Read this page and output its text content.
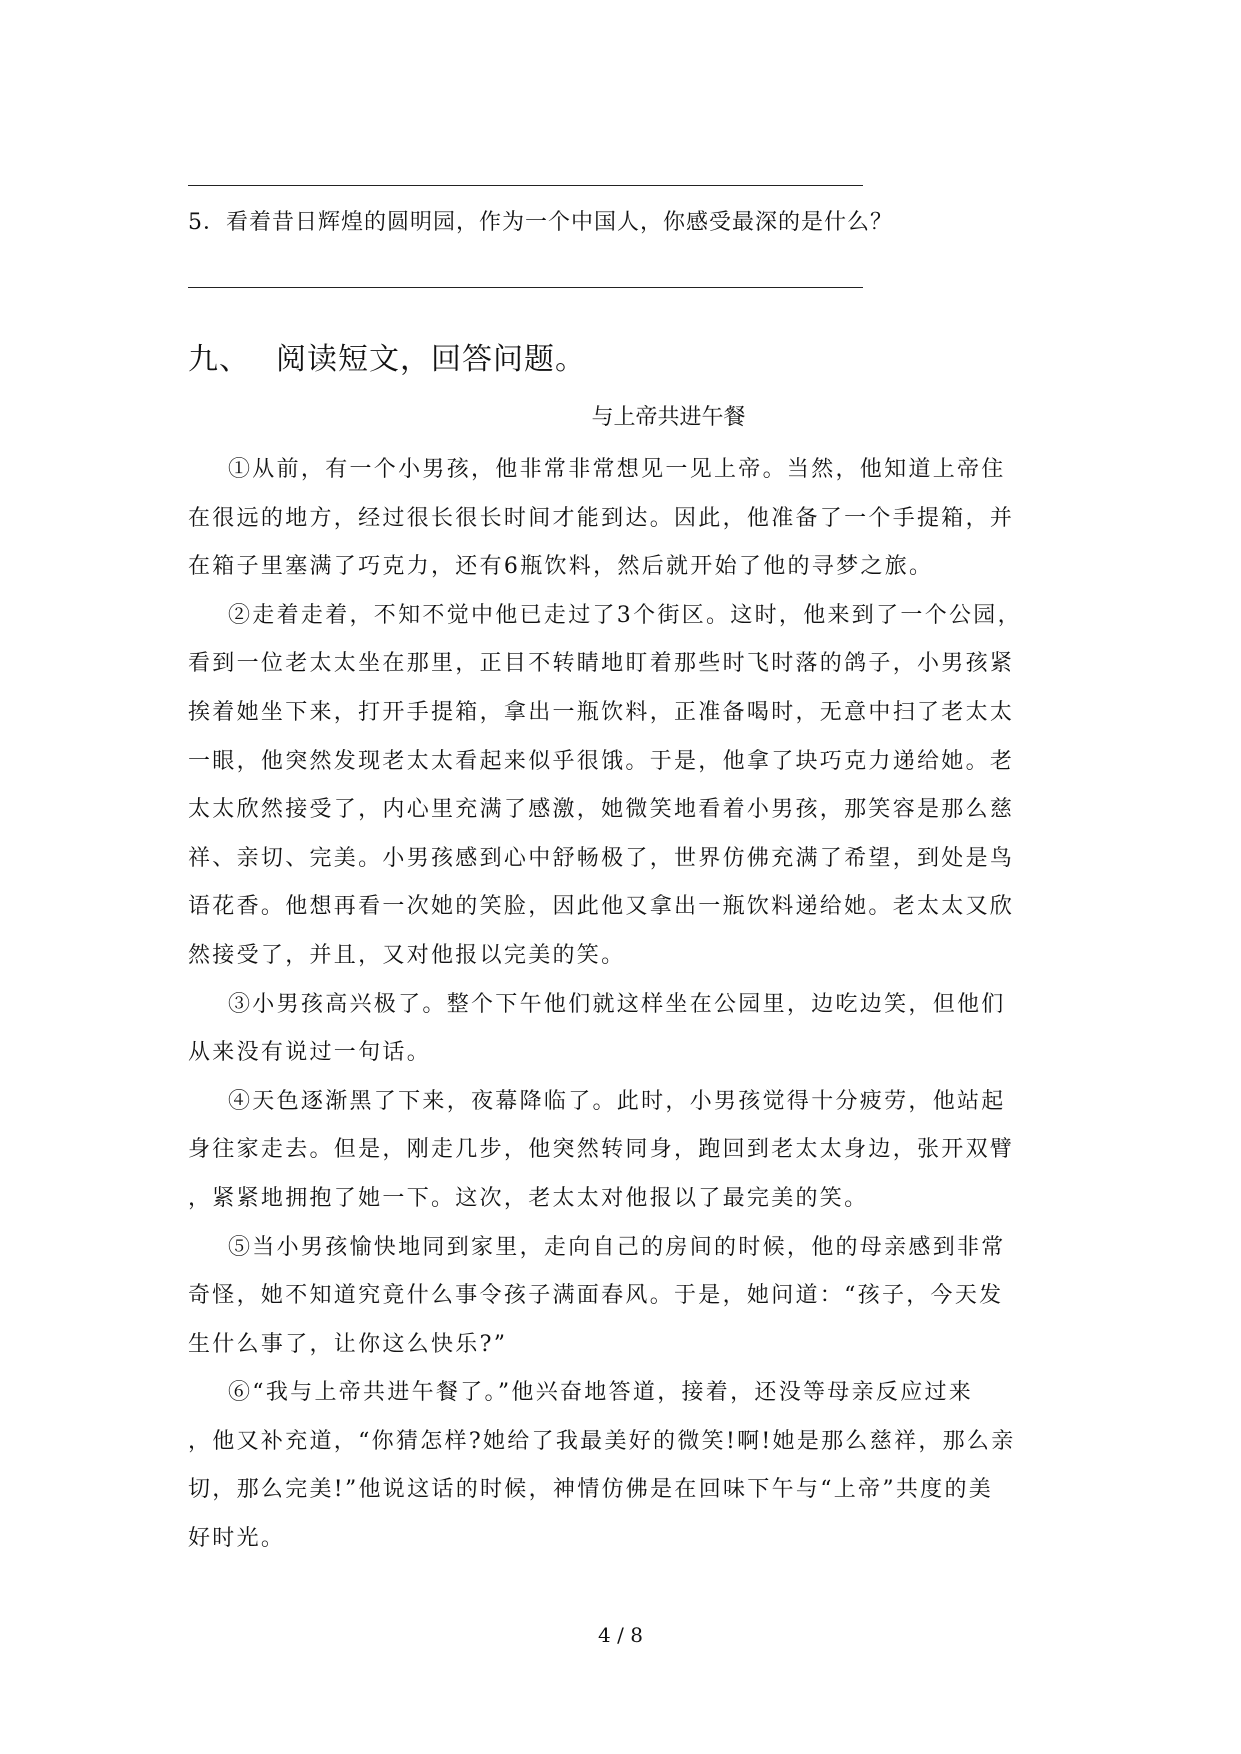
5．看着昔日辉煌的圆明园，作为一个中国人，你感受最深的是什么？
九、 阅读短文，回答问题。
与上帝共进午餐

①从前，有一个小男孩，他非常非常想见一见上帝。当然，他知道上帝住
在很远的地方，经过很长很长时间才能到达。因此，他准备了一个手提箱，并
在箱子里塞满了巧克力，还有6瓶饮料，然后就开始了他的寻梦之旅。

②走着走着，不知不觉中他已走过了3个街区。这时，他来到了一个公园，
看到一位老太太坐在那里，正目不转睛地盯着那些时飞时落的鸽子，小男孩紧
挨着她坐下来，打开手提箱，拿出一瓶饮料，正准备喝时，无意中扫了老太太
一眼，他突然发现老太太看起来似乎很饿。于是，他拿了块巧克力递给她。老
太太欣然接受了，内心里充满了感激，她微笑地看着小男孩，那笑容是那么慈
祥、亲切、完美。小男孩感到心中舒畅极了，世界仿佛充满了希望，到处是鸟
语花香。他想再看一次她的笑脸，因此他又拿出一瓶饮料递给她。老太太又欣
然接受了，并且，又对他报以完美的笑。

③小男孩高兴极了。整个下午他们就这样坐在公园里，边吃边笑，但他们
从来没有说过一句话。

④天色逐渐黑了下来，夜幕降临了。此时，小男孩觉得十分疲劳，他站起
身往家走去。但是，刚走几步，他突然转同身，跑回到老太太身边，张开双臂
，紧紧地拥抱了她一下。这次，老太太对他报以了最完美的笑。

⑤当小男孩愉快地同到家里，走向自己的房间的时候，他的母亲感到非常
奇怪，她不知道究竟什么事令孩子满面春风。于是，她问道：“孩子，今天发
生什么事了，让你这么快乐?”

⑥“我与上帝共进午餐了。”他兴奋地答道，接着，还没等母亲反应过来
，他又补充道，“你猜怎样?她给了我最美好的微笑!啊!她是那么慈祥，那么亲
切，那么完美!”他说这话的时候，神情仿佛是在回味下午与“上帝”共度的美
好时光。

4 / 8
